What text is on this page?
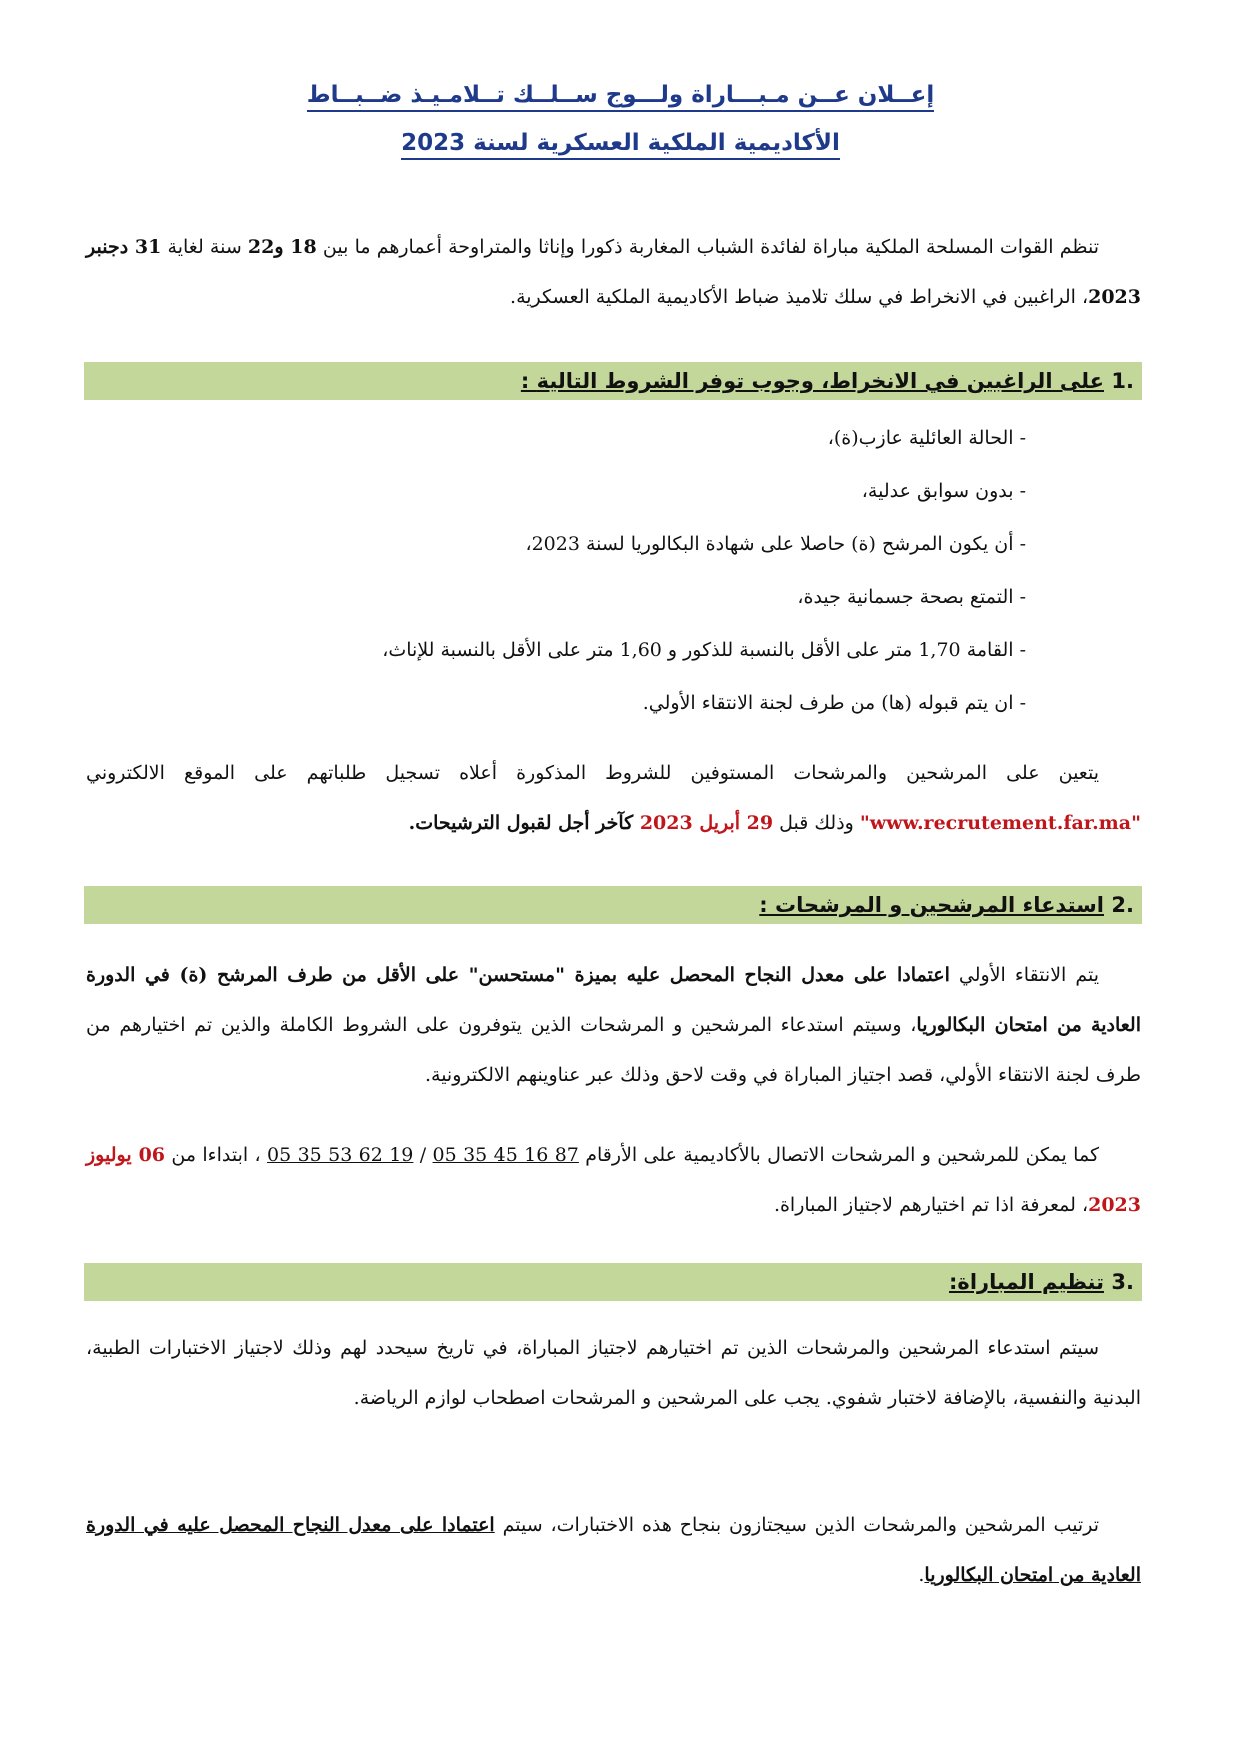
إعــلان عــن مـبـــاراة ولـــوج ســلــك تــلامـيـذ ضــبــاط
الأكاديمية الملكية العسكرية لسنة 2023
تنظم القوات المسلحة الملكية مباراة لفائدة الشباب المغاربة ذكورا وإناثا والمتراوحة أعمارهم ما بين 18 و22 سنة لغاية 31 دجنبر 2023، الراغبين في الانخراط في سلك تلاميذ ضباط الأكاديمية الملكية العسكرية.
1.
على الراغبين في الانخراط، وجوب توفر الشروط التالية :
- الحالة العائلية عازب(ة)،
- بدون سوابق عدلية،
- أن يكون المرشح (ة) حاصلا على شهادة البكالوريا لسنة 2023،
- التمتع بصحة جسمانية جيدة،
- القامة 1,70 متر على الأقل بالنسبة للذكور و 1,60 متر على الأقل بالنسبة للإناث،
- ان يتم قبوله (ها) من طرف لجنة الانتقاء الأولي.
يتعين على المرشحين والمرشحات المستوفين للشروط المذكورة أعلاه تسجيل طلباتهم على الموقع الالكتروني "www.recrutement.far.ma" وذلك قبل 29 أبريل 2023 كآخر أجل لقبول الترشيحات.
2.
استدعاء المرشحين و المرشحات :
يتم الانتقاء الأولي اعتمادا على معدل النجاح المحصل عليه بميزة "مستحسن" على الأقل من طرف المرشح (ة) في الدورة العادية من امتحان البكالوريا، وسيتم استدعاء المرشحين و المرشحات الذين يتوفرون على الشروط الكاملة والذين تم اختيارهم من طرف لجنة الانتقاء الأولي، قصد اجتياز المباراة في وقت لاحق وذلك عبر عناوينهم الالكترونية.
كما يمكن للمرشحين و المرشحات الاتصال بالأكاديمية على الأرقام 05 35 53 62 19 / 05 35 45 16 87 ، ابتداءا من 06 يوليوز 2023، لمعرفة اذا تم اختيارهم لاجتياز المباراة.
3.
تنظيم المباراة:
سيتم استدعاء المرشحين والمرشحات الذين تم اختيارهم لاجتياز المباراة، في تاريخ سيحدد لهم وذلك لاجتياز الاختبارات الطبية، البدنية والنفسية، بالإضافة لاختبار شفوي. يجب على المرشحين و المرشحات اصطحاب لوازم الرياضة.
ترتيب المرشحين والمرشحات الذين سيجتازون بنجاح هذه الاختبارات، سيتم اعتمادا على معدل النجاح المحصل عليه في الدورة العادية من امتحان البكالوريا.
